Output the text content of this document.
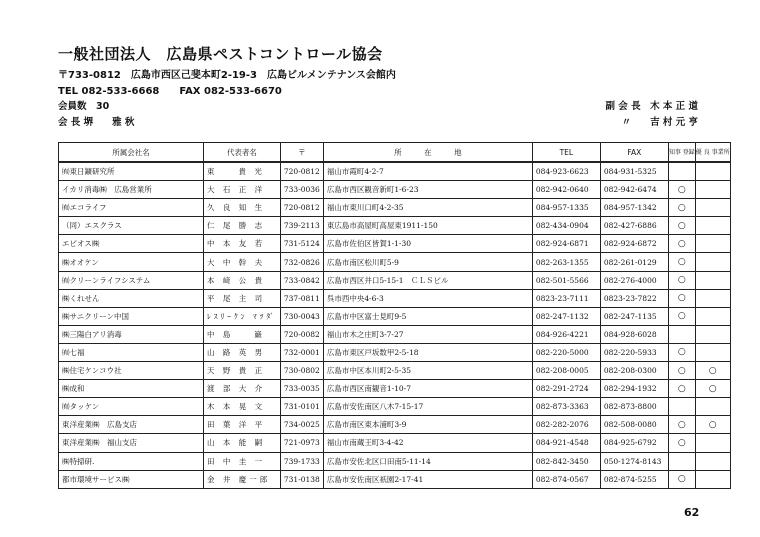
一般社団法人　広島県ペストコントロール協会
〒733-0812　広島市西区己斐本町2-19-3　広島ビルメンテナンス会館内
TEL 082-533-6668　　FAX 082-533-6670
会員数　30
会 長 堺　　雅 秋
副 会 長　木 本 正 道
〃　　吉 村 元 亨
所属会社名	代表者名	〒	所　　　在　　　地	TEL	FAX	知事 登録	優 良 事業所
㈲東日鑛研究所	東　　貴 光	720-0812	福山市霞町4-2-7	084-923-6623	084-931-5325		
イカリ消毒㈱　広島営業所	大 石 正 洋	733-0036	広島市西区観音新町1-6-23	082-942-0640	082-942-6474	○	
㈲エコライフ	久 良 知 生	720-0812	福山市東川口町4-2-35	084-957-1335	084-957-1342	○	
（同）エスクラス	仁 尾 勝 志	739-2113	東広島市高屋町高屋東1911-150	082-434-0904	082-427-6886	○	
エビオス㈱	中 本 友 若	731-5124	広島市佐伯区皆賀1-1-30	082-924-6871	082-924-6872	○	
㈱オオケン	大 中 幹 夫	732-0826	広島市南区松川町5-9	082-263-1355	082-261-0129	○	
㈲クリーンライフシステム	本 﨑 公 貴	733-0842	広島市西区井口5-15-1　ＣＬＳビル	082-501-5566	082-276-4000	○	
㈱くれせん	平 尾 主 司	737-0811	呉市西中央4-6-3	0823-23-7111	0823-23-7822	○	
㈱サニクリーン中国	ﾚｽﾘｰｸﾝ ﾏﾂﾀﾞ	730-0043	広島市中区富士見町9-5	082-247-1132	082-247-1135	○	
㈱三陽白アリ消毒	中 島　　巌	720-0082	福山市木之庄町3-7-27	084-926-4221	084-928-6028		
㈲七福	山 路 英 男	732-0001	広島市東区戸坂数甲2-5-18	082-220-5000	082-220-5933	○	
㈱住宅ケンコウ社	天 野 貴 正	730-0802	広島市中区本川町2-5-35	082-208-0005	082-208-0300	○	○
㈱成和	渡 部 大 介	733-0035	広島市西区南観音1-10-7	082-291-2724	082-294-1932	○	○
㈲タッケン	木 本 晃 文	731-0101	広島市安佐南区八木7-15-17	082-873-3363	082-873-8800		
東洋産業㈱　広島支店	田 葉 洋 平	734-0025	広島市南区東本浦町3-9	082-282-2076	082-508-0080	○	○
東洋産業㈱　福山支店	山 本 能 嗣	721-0973	福山市南蔵王町3-4-42	084-921-4548	084-925-6792	○	
㈱特掃研.	田 中 圭 一	739-1733	広島市安佐北区口田南5-11-14	082-842-3450	050-1274-8143		
都市環境サービス㈱	金 井 慶一郎	731-0138	広島市安佐南区祇園2-17-41	082-874-0567	082-874-5255	○	
62
